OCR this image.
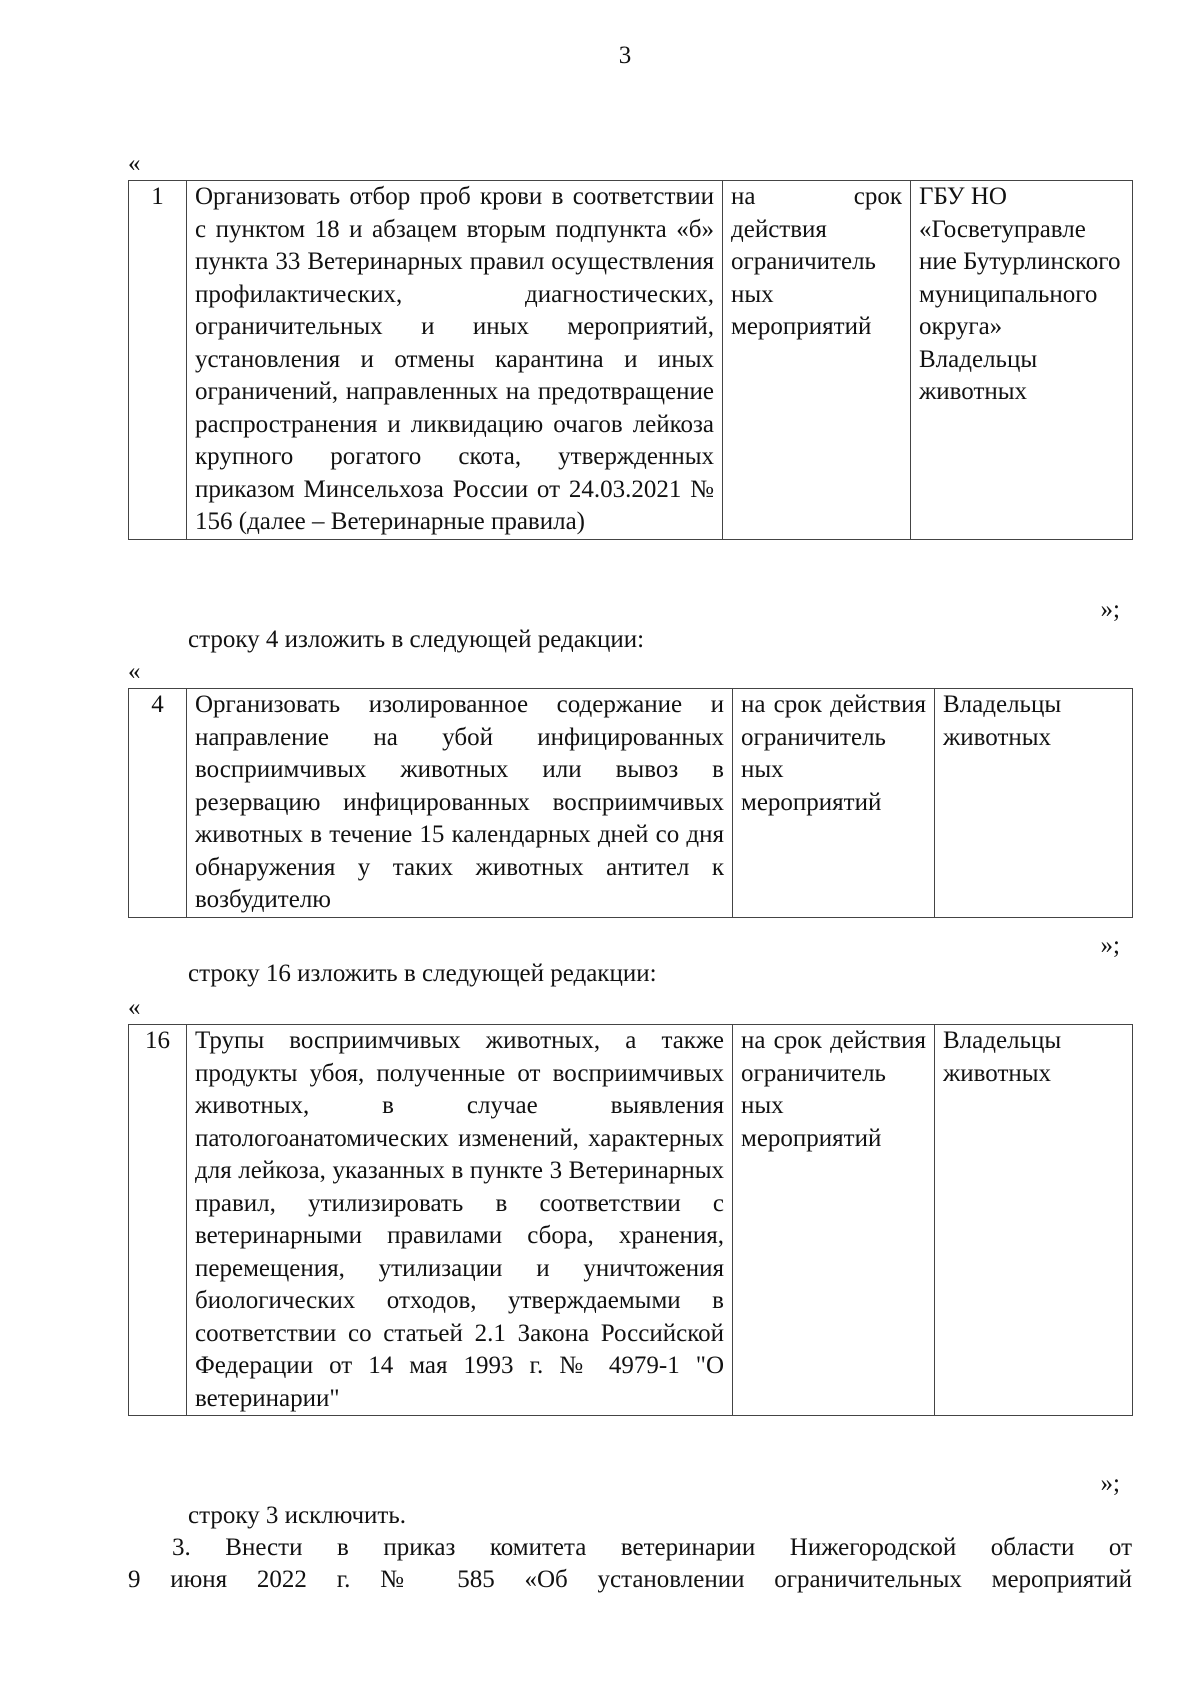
3
«
1	Организовать отбор проб крови в соответствии с пунктом 18 и абзацем вторым подпункта «б» пункта 33 Ветеринарных правил осуществления профилактических, диагностических, ограничительных и иных мероприятий, установления и отмены карантина и иных ограничений, направленных на предотвращение распространения и ликвидацию очагов лейкоза крупного рогатого скота, утвержденных приказом Минсельхоза России от 24.03.2021 № 156 (далее – Ветеринарные правила)	на срок действия ограничитель ных мероприятий	ГБУ НО «Госветуправле ние Бутурлинского муниципального округа» Владельцы животных
»;
строку 4 изложить в следующей редакции:
«
4	Организовать изолированное содержание и направление на убой инфицированных восприимчивых животных или вывоз в резервацию инфицированных восприимчивых животных в течение 15 календарных дней со дня обнаружения у таких животных антител к возбудителю	на срок действия ограничитель ных мероприятий	Владельцы животных
»;
строку 16 изложить в следующей редакции:
«
16	Трупы восприимчивых животных, а также продукты убоя, полученные от восприимчивых животных, в случае выявления патологоанатомических изменений, характерных для лейкоза, указанных в пункте 3 Ветеринарных правил, утилизировать в соответствии с ветеринарными правилами сбора, хранения, перемещения, утилизации и уничтожения биологических отходов, утверждаемыми в соответствии со статьей 2.1 Закона Российской Федерации от 14 мая 1993 г. № 4979-1 "О ветеринарии"	на срок действия ограничитель ных мероприятий	Владельцы животных
»;
строку 3 исключить.
3. Внести в приказ комитета ветеринарии Нижегородской области от
9 июня 2022 г. № 585 «Об установлении ограничительных мероприятий
